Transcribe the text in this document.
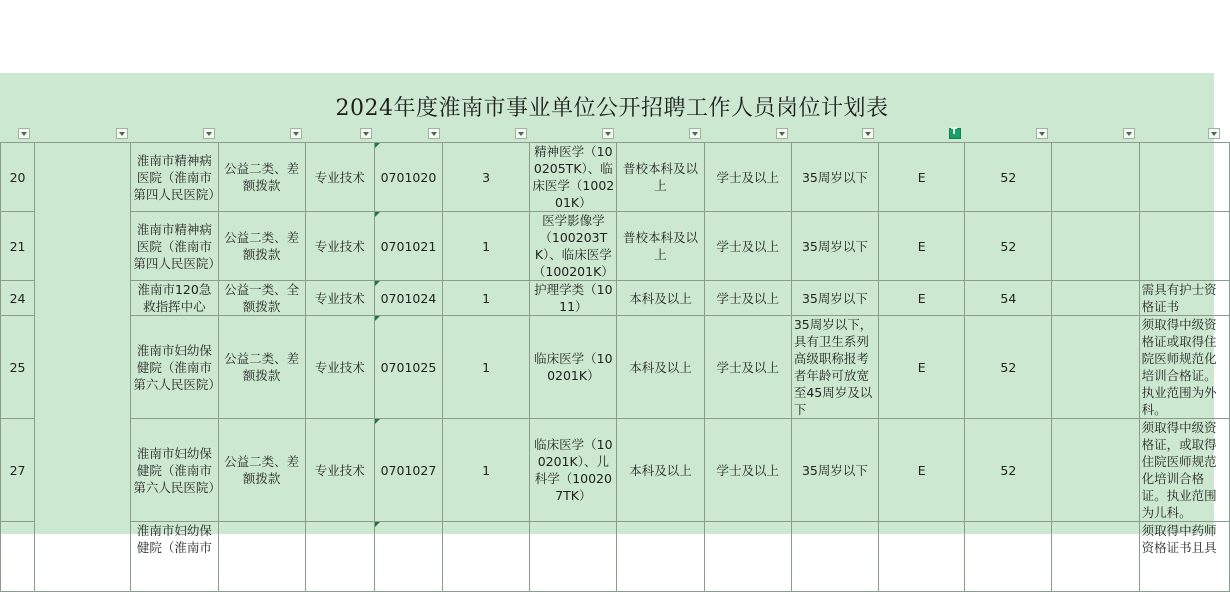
2024年度淮南市事业单位公开招聘工作人员岗位计划表
T
20		淮南市精神病医院（淮南市第四人民医院）	公益二类、差额拨款	专业技术	0701020	3	精神医学（100205TK）、临床医学（100201K）	普校本科及以上	学士及以上	35周岁以下	E	52		
21		淮南市精神病医院（淮南市第四人民医院）	公益二类、差额拨款	专业技术	0701021	1	医学影像学（100203TK）、临床医学（100201K）	普校本科及以上	学士及以上	35周岁以下	E	52		
24		淮南市120急救指挥中心	公益一类、全额拨款	专业技术	0701024	1	护理学类（1011）	本科及以上	学士及以上	35周岁以下	E	54		需具有护士资格证书
25		淮南市妇幼保健院（淮南市第六人民医院）	公益二类、差额拨款	专业技术	0701025	1	临床医学（100201K）	本科及以上	学士及以上	35周岁以下，具有卫生系列高级职称报考者年龄可放宽至45周岁及以下	E	52		须取得中级资格证或取得住院医师规范化培训合格证。执业范围为外科。
27		淮南市妇幼保健院（淮南市第六人民医院）	公益二类、差额拨款	专业技术	0701027	1	临床医学（100201K）、儿科学（100207TK）	本科及以上	学士及以上	35周岁以下	E	52		须取得中级资格证，或取得住院医师规范化培训合格证。执业范围为儿科。
		淮南市妇幼保健院（淮南市												须取得中药师资格证书且具
